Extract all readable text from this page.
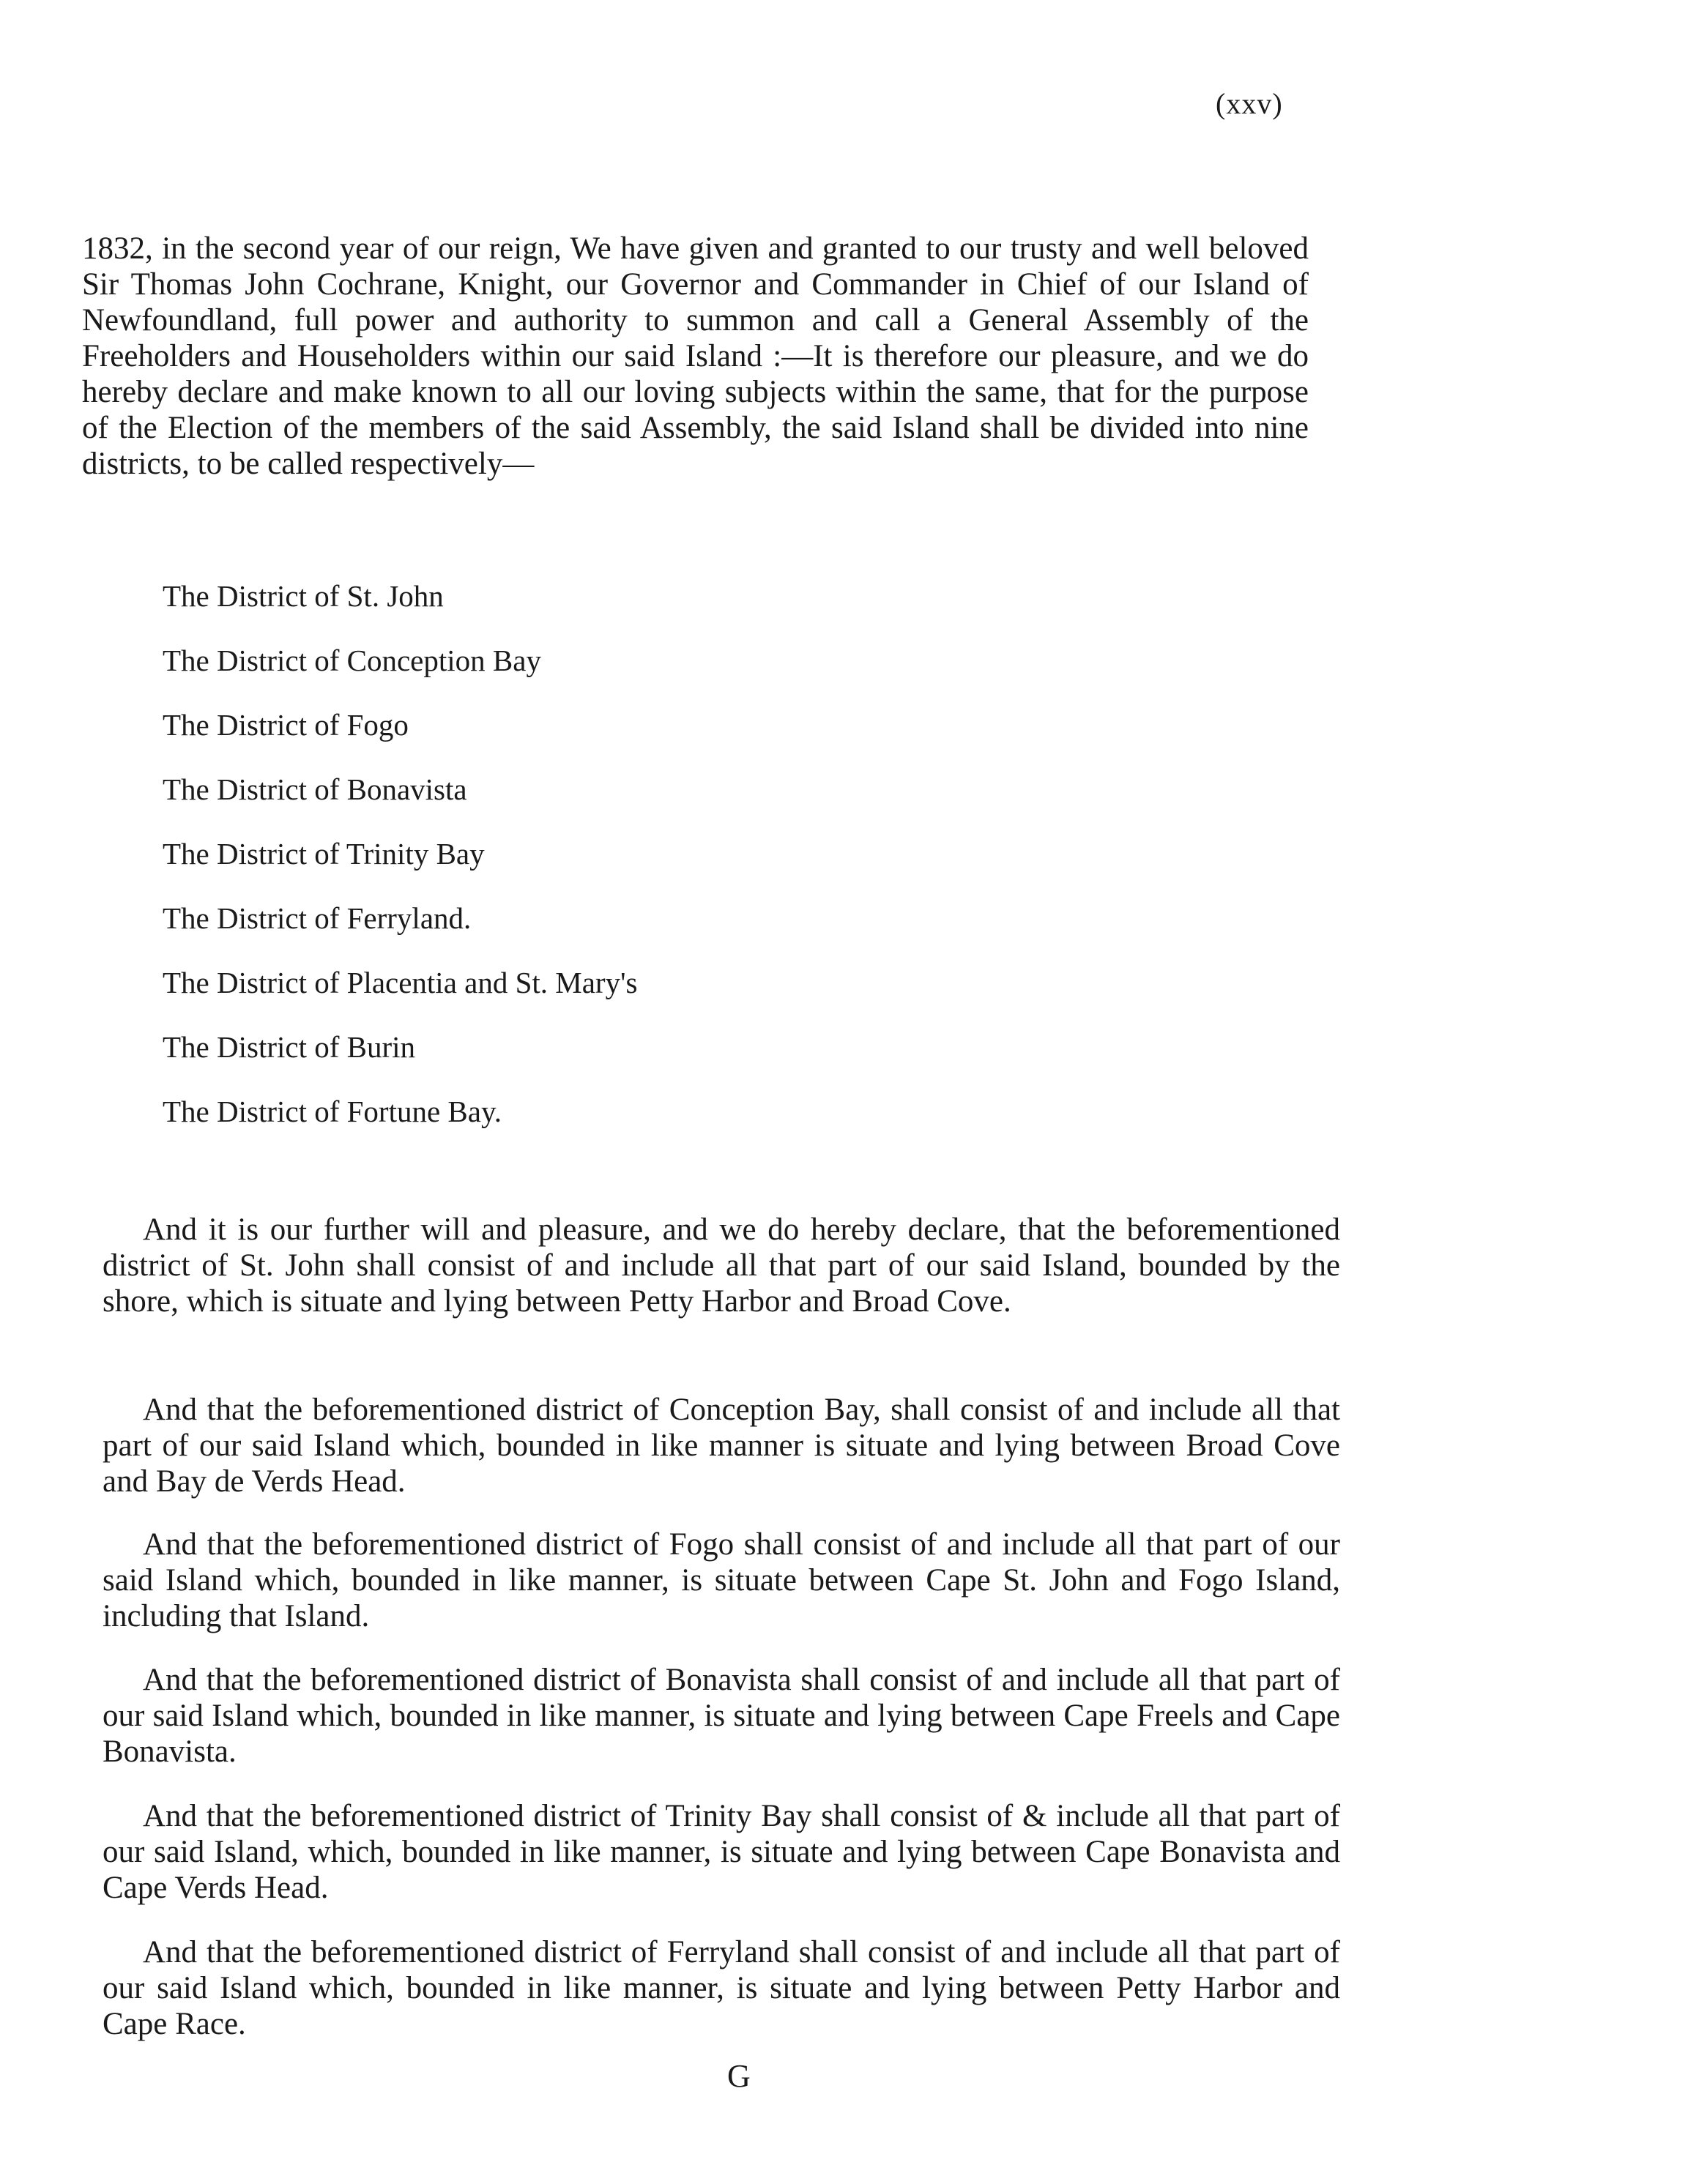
(xxv)

1832, in the second year of our reign, We have given and granted to our trusty and well beloved Sir Thomas John Cochrane, Knight, our Governor and Commander in Chief of our Island of Newfoundland, full power and authority to summon and call a General Assembly of the Freeholders and Householders within our said Island :—It is therefore our pleasure, and we do hereby declare and make known to all our loving subjects within the same, that for the purpose of the Election of the members of the said Assembly, the said Island shall be divided into nine districts, to be called respectively—

The District of St. John
The District of Conception Bay
The District of Fogo
The District of Bonavista
The District of Trinity Bay
The District of Ferryland.
The District of Placentia and St. Mary's
The District of Burin
The District of Fortune Bay.

And it is our further will and pleasure, and we do hereby declare, that the beforementioned district of St. John shall consist of and include all that part of our said Island, bounded by the shore, which is situate and lying between Petty Harbor and Broad Cove.

And that the beforementioned district of Conception Bay, shall consist of and include all that part of our said Island which, bounded in like manner is situate and lying between Broad Cove and Bay de Verds Head.

And that the beforementioned district of Fogo shall consist of and include all that part of our said Island which, bounded in like manner, is situate between Cape St. John and Fogo Island, including that Island.

And that the beforementioned district of Bonavista shall consist of and include all that part of our said Island which, bounded in like manner, is situate and lying between Cape Freels and Cape Bonavista.

And that the beforementioned district of Trinity Bay shall consist of & include all that part of our said Island, which, bounded in like manner, is situate and lying between Cape Bonavista and Cape Verds Head.

And that the beforementioned district of Ferryland shall consist of and include all that part of our said Island which, bounded in like manner, is situate and lying between Petty Harbor and Cape Race.

G
